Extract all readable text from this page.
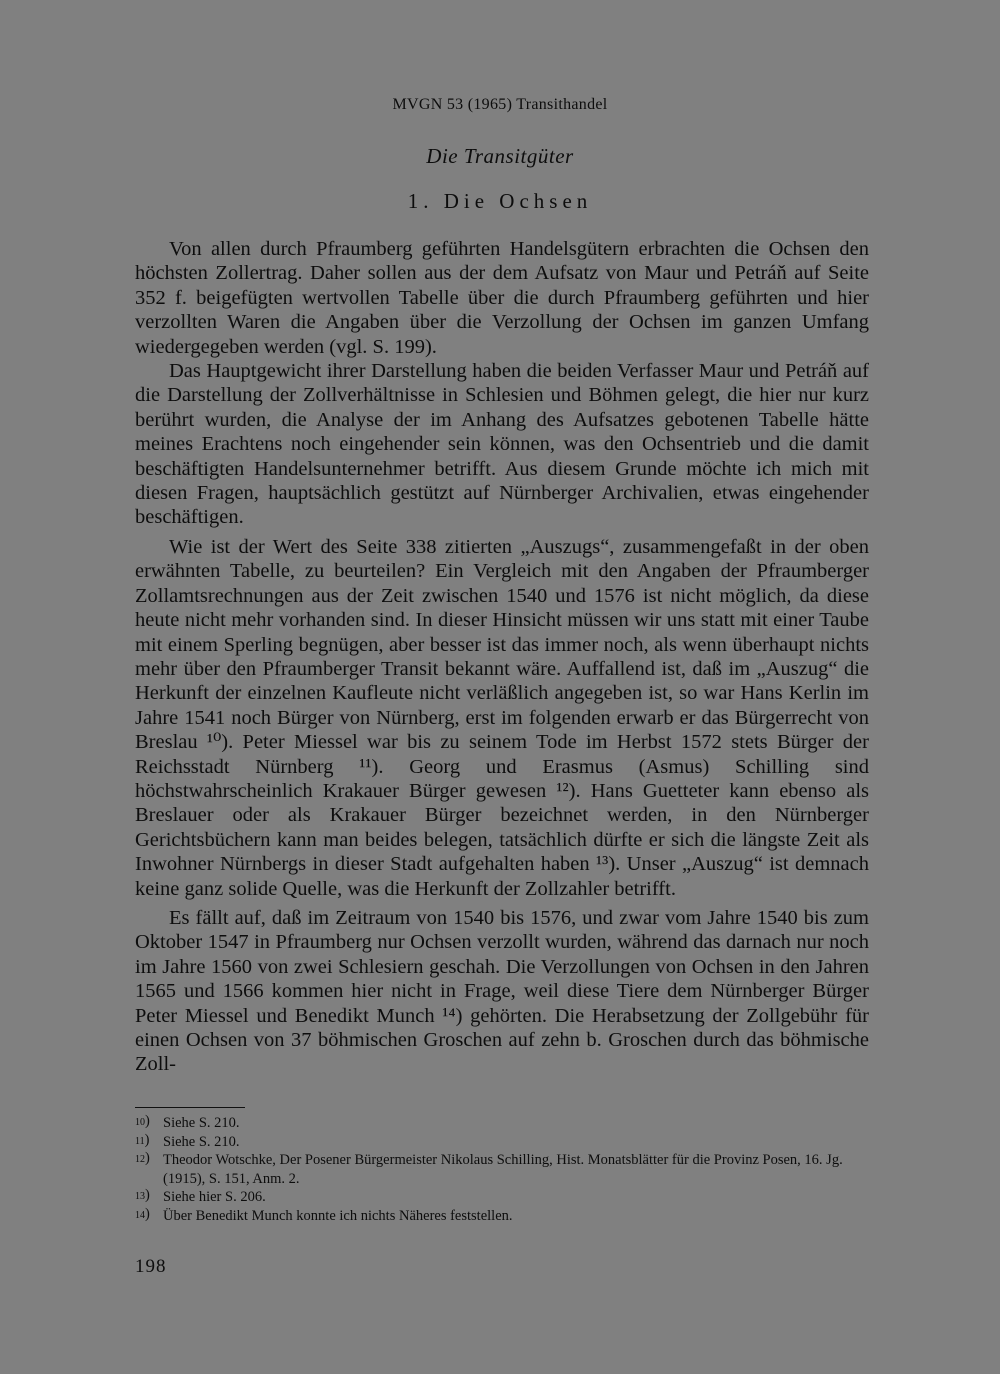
MVGN 53 (1965) Transithandel
Die Transitgüter
1. Die Ochsen

Von allen durch Pfraumberg geführten Handelsgütern erbrachten die Ochsen den höchsten Zollertrag. Daher sollen aus der dem Aufsatz von Maur und Petráň auf Seite 352 f. beigefügten wertvollen Tabelle über die durch Pfraumberg geführten und hier verzollten Waren die Angaben über die Verzollung der Ochsen im ganzen Umfang wiedergegeben werden (vgl. S. 199).

Das Hauptgewicht ihrer Darstellung haben die beiden Verfasser Maur und Petráň auf die Darstellung der Zollverhältnisse in Schlesien und Böhmen gelegt, die hier nur kurz berührt wurden, die Analyse der im Anhang des Aufsatzes gebotenen Tabelle hätte meines Erachtens noch eingehender sein können, was den Ochsentrieb und die damit beschäftigten Handelsunternehmer betrifft. Aus diesem Grunde möchte ich mich mit diesen Fragen, hauptsächlich gestützt auf Nürnberger Archivalien, etwas eingehender beschäftigen.

Wie ist der Wert des Seite 338 zitierten „Auszugs“, zusammengefaßt in der oben erwähnten Tabelle, zu beurteilen? Ein Vergleich mit den Angaben der Pfraumberger Zollamtsrechnungen aus der Zeit zwischen 1540 und 1576 ist nicht möglich, da diese heute nicht mehr vorhanden sind. In dieser Hinsicht müssen wir uns statt mit einer Taube mit einem Sperling begnügen, aber besser ist das immer noch, als wenn überhaupt nichts mehr über den Pfraumberger Transit bekannt wäre. Auffallend ist, daß im „Auszug“ die Herkunft der einzelnen Kaufleute nicht verläßlich angegeben ist, so war Hans Kerlin im Jahre 1541 noch Bürger von Nürnberg, erst im folgenden erwarb er das Bürgerrecht von Breslau ¹⁰). Peter Miessel war bis zu seinem Tode im Herbst 1572 stets Bürger der Reichsstadt Nürnberg ¹¹). Georg und Erasmus (Asmus) Schilling sind höchstwahrscheinlich Krakauer Bürger gewesen ¹²). Hans Guetteter kann ebenso als Breslauer oder als Krakauer Bürger bezeichnet werden, in den Nürnberger Gerichtsbüchern kann man beides belegen, tatsächlich dürfte er sich die längste Zeit als Inwohner Nürnbergs in dieser Stadt aufgehalten haben ¹³). Unser „Auszug“ ist demnach keine ganz solide Quelle, was die Herkunft der Zollzahler betrifft.

Es fällt auf, daß im Zeitraum von 1540 bis 1576, und zwar vom Jahre 1540 bis zum Oktober 1547 in Pfraumberg nur Ochsen verzollt wurden, während das darnach nur noch im Jahre 1560 von zwei Schlesiern geschah. Die Verzollungen von Ochsen in den Jahren 1565 und 1566 kommen hier nicht in Frage, weil diese Tiere dem Nürnberger Bürger Peter Miessel und Benedikt Munch ¹⁴) gehörten. Die Herabsetzung der Zollgebühr für einen Ochsen von 37 böhmischen Groschen auf zehn b. Groschen durch das böhmische Zoll-

10) Siehe S. 210.
11) Siehe S. 210.
12) Theodor Wotschke, Der Posener Bürgermeister Nikolaus Schilling, Hist. Monatsblätter für die Provinz Posen, 16. Jg. (1915), S. 151, Anm. 2.
13) Siehe hier S. 206.
14) Über Benedikt Munch konnte ich nichts Näheres feststellen.
198
